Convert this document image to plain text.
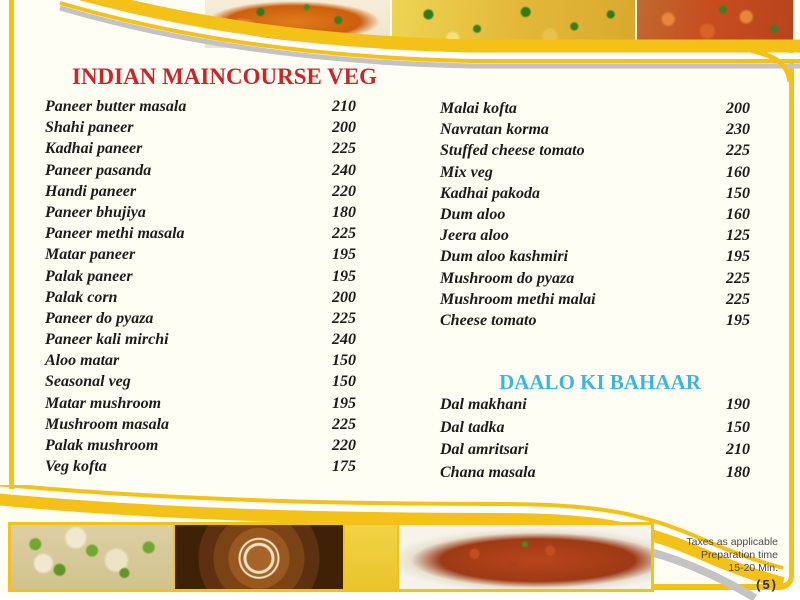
INDIAN MAINCOURSE VEG
Paneer butter masala	210
Shahi paneer	200
Kadhai paneer	225
Paneer pasanda	240
Handi paneer	220
Paneer bhujiya	180
Paneer methi masala	225
Matar paneer	195
Palak paneer	195
Palak corn	200
Paneer do pyaza	225
Paneer kali mirchi	240
Aloo matar	150
Seasonal veg	150
Matar mushroom	195
Mushroom masala	225
Palak mushroom	220
Veg kofta	175
Malai kofta	200
Navratan korma	230
Stuffed cheese tomato	225
Mix veg	160
Kadhai pakoda	150
Dum aloo	160
Jeera aloo	125
Dum aloo kashmiri	195
Mushroom do pyaza	225
Mushroom methi malai	225
Cheese tomato	195
DAALO KI BAHAAR
Dal makhani	190
Dal tadka	150
Dal amritsari	210
Chana masala	180
Taxes as applicable
Preparation time
15-20 Min.
(5)
